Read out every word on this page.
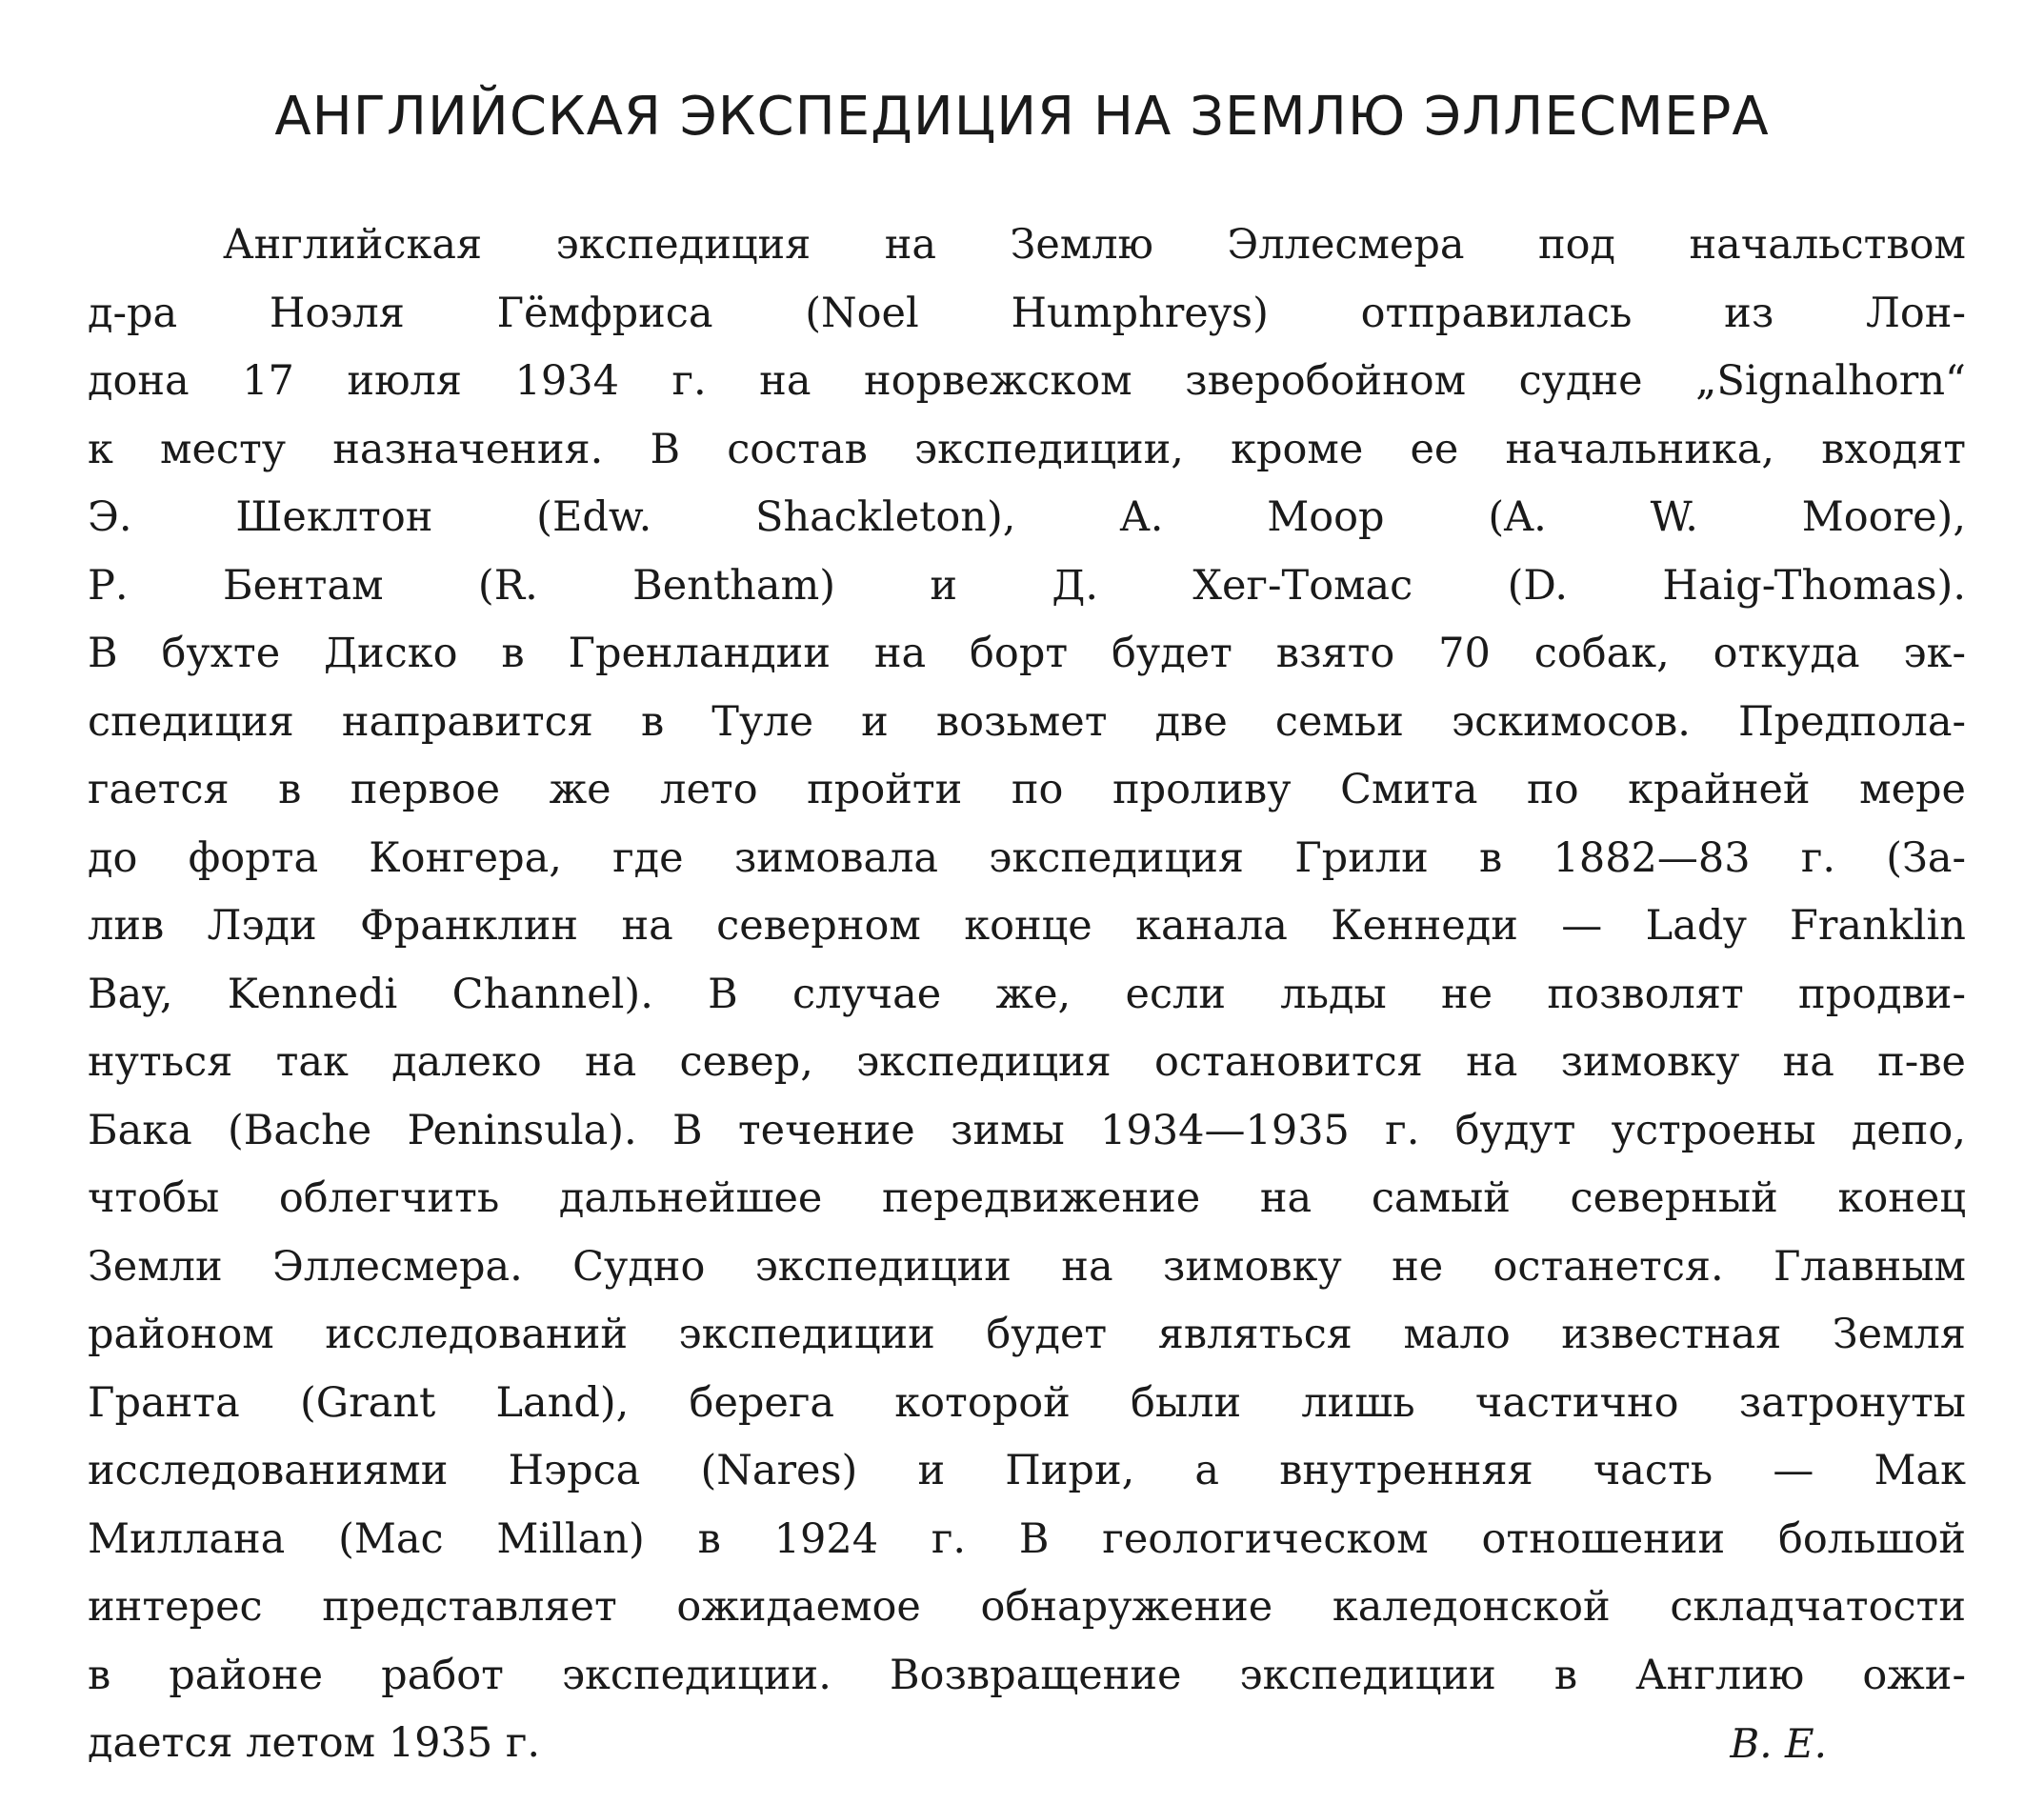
АНГЛИЙСКАЯ ЭКСПЕДИЦИЯ НА ЗЕМЛЮ ЭЛЛЕСМЕРА
Английская экспедиция на Землю Эллесмера под начальством
д-ра Ноэля Гёмфриса (Noel Humphreys) отправилась из Лон-
дона 17 июля 1934 г. на норвежском зверобойном судне „Signalhorn“
к месту назначения. В состав экспедиции, кроме ее начальника, входят
Э. Шеклтон (Edw. Shackleton), А. Моор (A. W. Moore),
Р. Бентам (R. Bentham) и Д. Хег-Томас (D. Haig-Thomas).
В бухте Диско в Гренландии на борт будет взято 70 собак, откуда эк-
спедиция направится в Туле и возьмет две семьи эскимосов. Предпола-
гается в первое же лето пройти по проливу Смита по крайней мере
до форта Конгера, где зимовала экспедиция Грили в 1882—83 г. (За-
лив Лэди Франклин на северном конце канала Кеннеди — Lady Franklin
Bay, Kennedi Channel). В случае же, если льды не позволят продви-
нуться так далеко на север, экспедиция остановится на зимовку на п-ве
Бака (Bache Peninsula). В течение зимы 1934—1935 г. будут устроены депо,
чтобы облегчить дальнейшее передвижение на самый северный конец
Земли Эллесмера. Судно экспедиции на зимовку не останется. Главным
районом исследований экспедиции будет являться мало известная Земля
Гранта (Grant Land), берега которой были лишь частично затронуты
исследованиями Нэрса (Nares) и Пири, а внутренняя часть — Мак
Миллана (Mac Millan) в 1924 г. В геологическом отношении большой
интерес представляет ожидаемое обнаружение каледонской складчатости
в районе работ экспедиции. Возвращение экспедиции в Англию ожи-
дается летом 1935 г.	В. Е.
